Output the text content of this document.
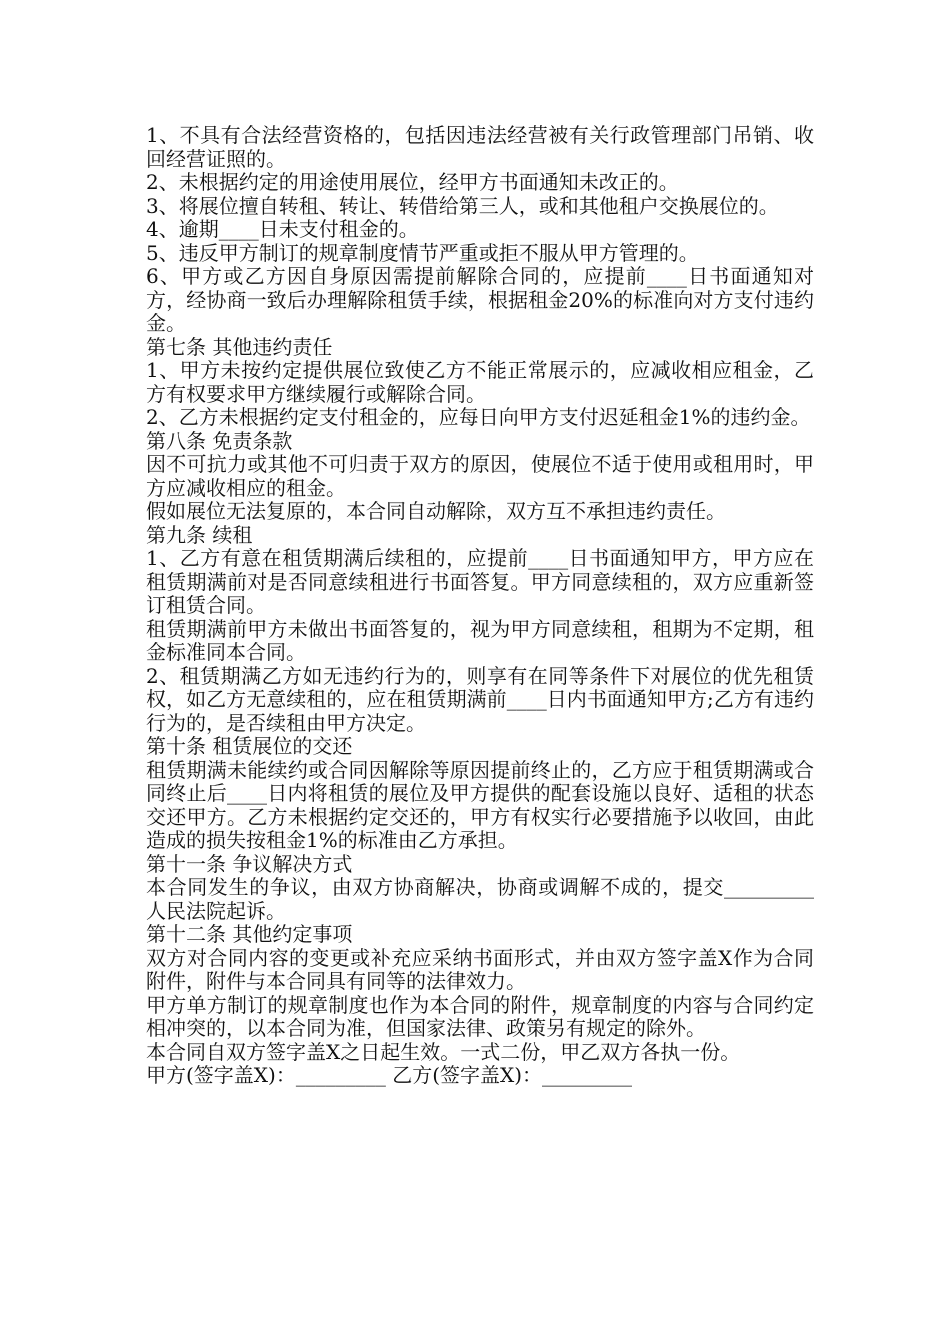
1、不具有合法经营资格的，包括因违法经营被有关行政管理部门吊销、收回经营证照的。

2、未根据约定的用途使用展位，经甲方书面通知未改正的。

3、将展位擅自转租、转让、转借给第三人，或和其他租户交换展位的。

4、逾期____日未支付租金的。

5、违反甲方制订的规章制度情节严重或拒不服从甲方管理的。

6、甲方或乙方因自身原因需提前解除合同的，应提前____日书面通知对方，经协商一致后办理解除租赁手续，根据租金20%的标准向对方支付违约金。

第七条 其他违约责任

1、甲方未按约定提供展位致使乙方不能正常展示的，应减收相应租金，乙方有权要求甲方继续履行或解除合同。

2、乙方未根据约定支付租金的，应每日向甲方支付迟延租金1%的违约金。

第八条 免责条款

因不可抗力或其他不可归责于双方的原因，使展位不适于使用或租用时，甲方应减收相应的租金。

假如展位无法复原的，本合同自动解除，双方互不承担违约责任。

第九条 续租

1、乙方有意在租赁期满后续租的，应提前____日书面通知甲方，甲方应在租赁期满前对是否同意续租进行书面答复。甲方同意续租的，双方应重新签订租赁合同。

租赁期满前甲方未做出书面答复的，视为甲方同意续租，租期为不定期，租金标准同本合同。

2、租赁期满乙方如无违约行为的，则享有在同等条件下对展位的优先租赁权，如乙方无意续租的，应在租赁期满前____日内书面通知甲方;乙方有违约行为的，是否续租由甲方决定。

第十条 租赁展位的交还

租赁期满未能续约或合同因解除等原因提前终止的，乙方应于租赁期满或合同终止后____日内将租赁的展位及甲方提供的配套设施以良好、适租的状态交还甲方。乙方未根据约定交还的，甲方有权实行必要措施予以收回，由此造成的损失按租金1%的标准由乙方承担。

第十一条 争议解决方式

本合同发生的争议，由双方协商解决，协商或调解不成的，提交_________人民法院起诉。

第十二条 其他约定事项

双方对合同内容的变更或补充应采纳书面形式，并由双方签字盖X作为合同附件，附件与本合同具有同等的法律效力。

甲方单方制订的规章制度也作为本合同的附件，规章制度的内容与合同约定相冲突的，以本合同为准，但国家法律、政策另有规定的除外。

本合同自双方签字盖X之日起生效。一式二份，甲乙双方各执一份。

甲方(签字盖X)：_________ 乙方(签字盖X)：_________
